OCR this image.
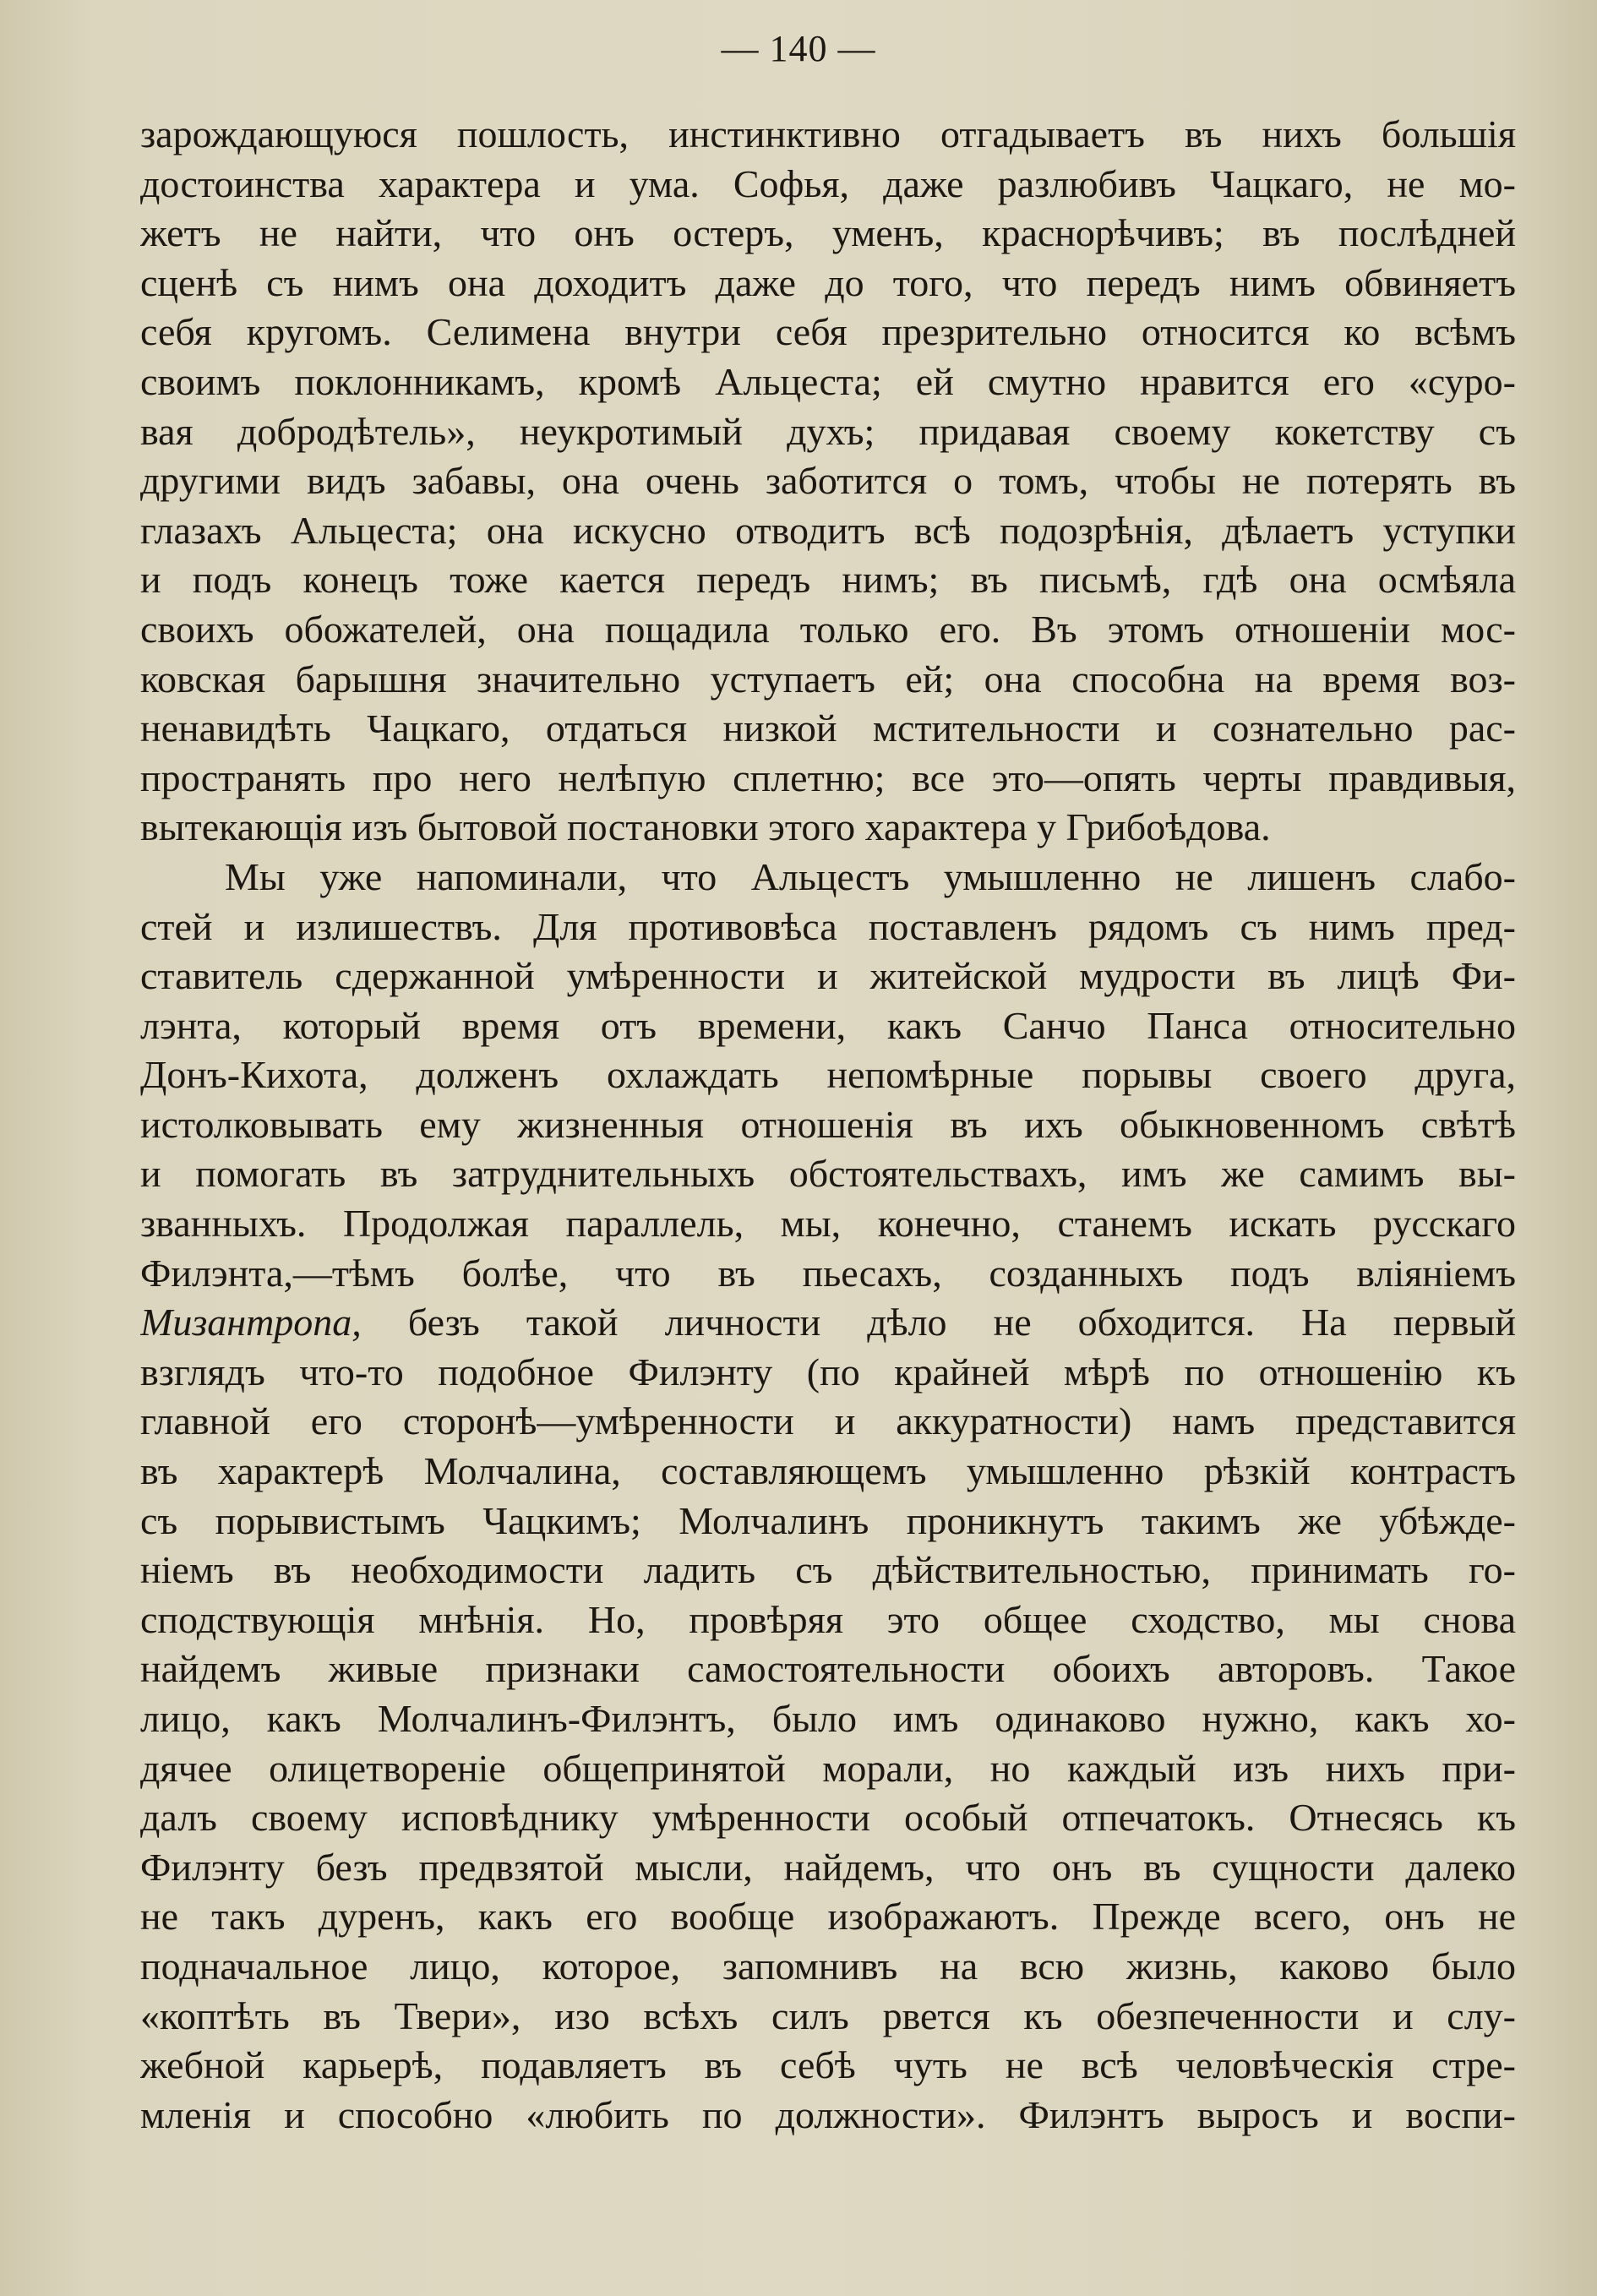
— 140 —
зарождающуюся пошлость, инстинктивно отгадываетъ въ нихъ большія
достоинства характера и ума. Софья, даже разлюбивъ Чацкаго, не мо-
жетъ не найти, что онъ остеръ, уменъ, краснорѣчивъ; въ послѣдней
сценѣ съ нимъ она доходитъ даже до того, что передъ нимъ обвиняетъ
себя кругомъ. Селимена внутри себя презрительно относится ко всѣмъ
своимъ поклонникамъ, кромѣ Альцеста; ей смутно нравится его «суро-
вая добродѣтель», неукротимый духъ; придавая своему кокетству съ
другими видъ забавы, она очень заботится о томъ, чтобы не потерять въ
глазахъ Альцеста; она искусно отводитъ всѣ подозрѣнія, дѣлаетъ уступки
и подъ конецъ тоже кается передъ нимъ; въ письмѣ, гдѣ она осмѣяла
своихъ обожателей, она пощадила только его. Въ этомъ отношеніи мос-
ковская барышня значительно уступаетъ ей; она способна на время воз-
ненавидѣть Чацкаго, отдаться низкой мстительности и сознательно рас-
пространять про него нелѣпую сплетню; все это—опять черты правдивыя,
вытекающія изъ бытовой постановки этого характера у Грибоѣдова.
Мы уже напоминали, что Альцестъ умышленно не лишенъ слабо-
стей и излишествъ. Для противовѣса поставленъ рядомъ съ нимъ пред-
ставитель сдержанной умѣренности и житейской мудрости въ лицѣ Фи-
лэнта, который время отъ времени, какъ Санчо Панса относительно
Донъ-Кихота, долженъ охлаждать непомѣрные порывы своего друга,
истолковывать ему жизненныя отношенія въ ихъ обыкновенномъ свѣтѣ
и помогать въ затруднительныхъ обстоятельствахъ, имъ же самимъ вы-
званныхъ. Продолжая параллель, мы, конечно, станемъ искать русскаго
Филэнта,—тѣмъ болѣе, что въ пьесахъ, созданныхъ подъ вліяніемъ
Мизантропа, безъ такой личности дѣло не обходится. На первый
взглядъ что-то подобное Филэнту (по крайней мѣрѣ по отношенію къ
главной его сторонѣ—умѣренности и аккуратности) намъ представится
въ характерѣ Молчалина, составляющемъ умышленно рѣзкій контрастъ
съ порывистымъ Чацкимъ; Молчалинъ проникнутъ такимъ же убѣжде-
ніемъ въ необходимости ладить съ дѣйствительностью, принимать го-
сподствующія мнѣнія. Но, провѣряя это общее сходство, мы снова
найдемъ живые признаки самостоятельности обоихъ авторовъ. Такое
лицо, какъ Молчалинъ-Филэнтъ, было имъ одинаково нужно, какъ хо-
дячее олицетвореніе общепринятой морали, но каждый изъ нихъ при-
далъ своему исповѣднику умѣренности особый отпечатокъ. Отнесясь къ
Филэнту безъ предвзятой мысли, найдемъ, что онъ въ сущности далеко
не такъ дуренъ, какъ его вообще изображаютъ. Прежде всего, онъ не
подначальное лицо, которое, запомнивъ на всю жизнь, каково было
«коптѣть въ Твери», изо всѣхъ силъ рвется къ обезпеченности и слу-
жебной карьерѣ, подавляетъ въ себѣ чуть не всѣ человѣческія стре-
мленія и способно «любить по должности». Филэнтъ выросъ и воспи-
